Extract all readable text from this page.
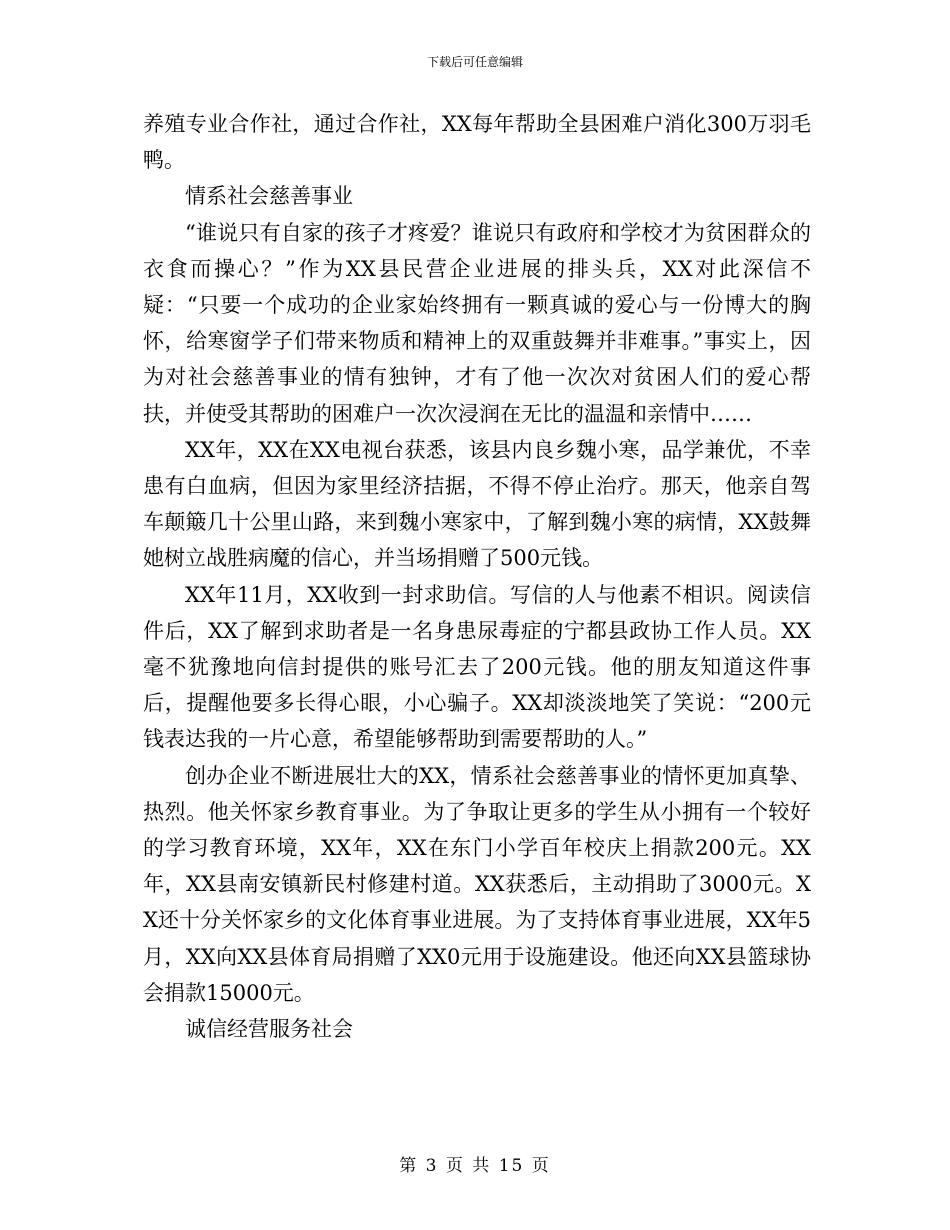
下载后可任意编辑

养殖专业合作社，通过合作社，XX每年帮助全县困难户消化300万羽毛鸭。

情系社会慈善事业

“谁说只有自家的孩子才疼爱？谁说只有政府和学校才为贫困群众的衣食而操心？”作为XX县民营企业进展的排头兵，XX对此深信不疑：“只要一个成功的企业家始终拥有一颗真诚的爱心与一份博大的胸怀，给寒窗学子们带来物质和精神上的双重鼓舞并非难事。”事实上，因为对社会慈善事业的情有独钟，才有了他一次次对贫困人们的爱心帮扶，并使受其帮助的困难户一次次浸润在无比的温温和亲情中……

XX年，XX在XX电视台获悉，该县内良乡魏小寒，品学兼优，不幸患有白血病，但因为家里经济拮据，不得不停止治疗。那天，他亲自驾车颠簸几十公里山路，来到魏小寒家中，了解到魏小寒的病情，XX鼓舞她树立战胜病魔的信心，并当场捐赠了500元钱。

XX年11月，XX收到一封求助信。写信的人与他素不相识。阅读信件后，XX了解到求助者是一名身患尿毒症的宁都县政协工作人员。XX毫不犹豫地向信封提供的账号汇去了200元钱。他的朋友知道这件事后，提醒他要多长得心眼，小心骗子。XX却淡淡地笑了笑说：“200元钱表达我的一片心意，希望能够帮助到需要帮助的人。”

创办企业不断进展壮大的XX，情系社会慈善事业的情怀更加真挚、热烈。他关怀家乡教育事业。为了争取让更多的学生从小拥有一个较好的学习教育环境，XX年，XX在东门小学百年校庆上捐款200元。XX年，XX县南安镇新民村修建村道。XX获悉后，主动捐助了3000元。XX还十分关怀家乡的文化体育事业进展。为了支持体育事业进展，XX年5月，XX向XX县体育局捐赠了XX0元用于设施建设。他还向XX县篮球协会捐款15000元。

诚信经营服务社会

第 3 页 共 15 页
